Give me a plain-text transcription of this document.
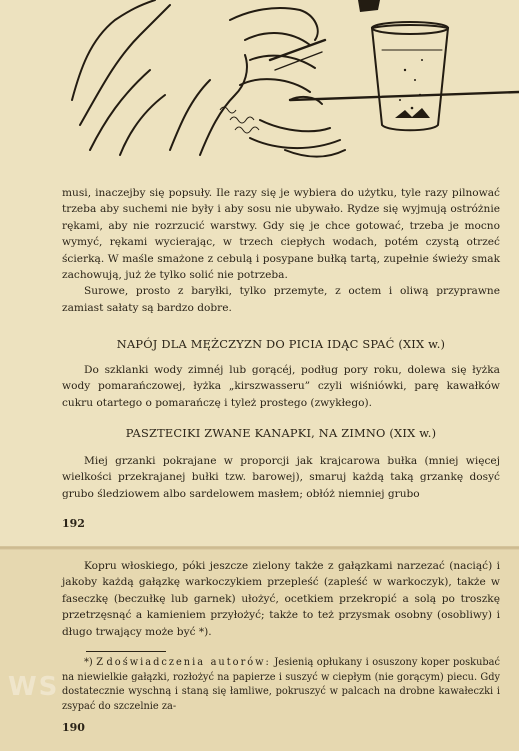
musi, inaczejby się popsuły. Ile razy się je wybiera do użytku, tyle razy pilnować trzeba aby suchemi nie były i aby sosu nie ubywało. Rydze się wyjmują ostróżnie rękami, aby nie rozrzucić warstwy. Gdy się je chce gotować, trzeba je mocno wymyć, rękami wycierając, w trzech ciepłych wodach, potém czystą otrzeć ścierką. W maśle smażone z cebulą i posypane bułką tartą, zupełnie świeży smak zachowują, już że tylko solić nie potrzeba.

Surowe, prosto z baryłki, tylko przemyte, z octem i oliwą przyprawne zamiast sałaty są bardzo dobre.

NAPÓJ DLA MĘŻCZYZN DO PICIA IDĄC SPAĆ (XIX w.)

Do szklanki wody zimnéj lub gorącéj, podług pory roku, dolewa się łyżka wody pomarańczowej, łyżka „kirszwasseru” czyli wiśniówki, parę kawałków cukru otartego o pomarańczę i tyleż prostego (zwykłego).

PASZTECIKI ZWANE KANAPKI, NA ZIMNO (XIX w.)

Miej grzanki pokrajane w proporcji jak krajcarowa bułka (mniej więcej wielkości przekrajanej bułki tzw. barowej), smaruj każdą taką grzankę dosyć grubo śledziowem albo sardelowem masłem; obłóż niemniej grubo

192

Kopru włoskiego, póki jeszcze zielony także z gałązkami narzezać (naciąć) i jakoby każdą gałązkę warkoczykiem przepleść (zapleść w warkoczyk), także w faseczkę (beczułkę lub garnek) ułożyć, ocetkiem przekropić a solą po troszkę przetrzęsnąć a kamieniem przyłożyć; także to też przysmak osobny (osobliwy) i długo trwający może być *).

*) Z doświadczenia autorów: Jesienią opłukany i osuszony koper poskubać na niewielkie gałązki, rozłożyć na papierze i suszyć w ciepłym (nie gorącym) piecu. Gdy dostatecznie wyschną i staną się łamliwe, pokruszyć w palcach na drobne kawałeczki i zsypać do szczelnie za-

WS
190
